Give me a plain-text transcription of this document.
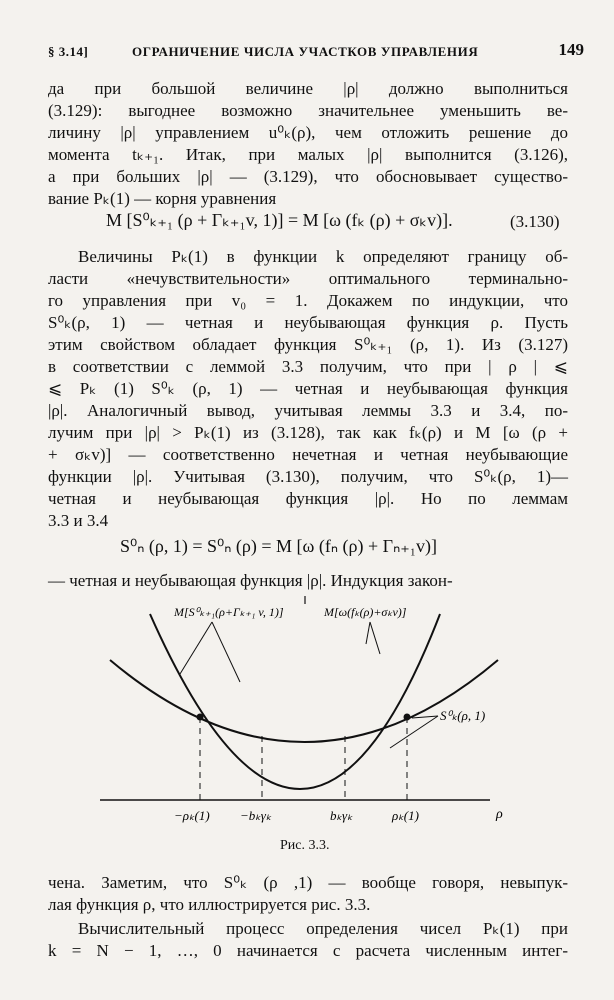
§ 3.14]	ОГРАНИЧЕНИЕ ЧИСЛА УЧАСТКОВ УПРАВЛЕНИЯ	149
да при большой величине |ρ| должно выполниться
(3.129): выгоднее возможно значительнее уменьшить ве-
личину |ρ| управлением u⁰ₖ(ρ), чем отложить решение до
момента tₖ₊₁. Итак, при малых |ρ| выполнится (3.126),
а при больших |ρ| — (3.129), что обосновывает существо-
вание Pₖ(1) — корня уравнения
M [S⁰ₖ₊₁ (ρ + Γₖ₊₁v, 1)] = M [ω (fₖ (ρ) + σₖv)].	(3.130)
Величины Pₖ(1) в функции k определяют границу об-
ласти «нечувствительности» оптимального терминально-
го управления при v₀ = 1. Докажем по индукции, что
S⁰ₖ(ρ, 1) — четная и неубывающая функция ρ. Пусть
этим свойством обладает функция S⁰ₖ₊₁ (ρ, 1). Из (3.127)
в соответствии с леммой 3.3 получим, что при | ρ | ⩽
⩽ Pₖ (1) S⁰ₖ (ρ, 1) — четная и неубывающая функция
|ρ|. Аналогичный вывод, учитывая леммы 3.3 и 3.4, по-
лучим при |ρ| > Pₖ(1) из (3.128), так как fₖ(ρ) и M [ω (ρ +
+ σₖv)] — соответственно нечетная и четная неубывающие
функции |ρ|. Учитывая (3.130), получим, что S⁰ₖ(ρ, 1)—
четная и неубывающая функция |ρ|. Но по леммам
3.3 и 3.4
S⁰ₙ (ρ, 1) = S⁰ₙ (ρ) = M [ω (fₙ (ρ) + Γₙ₊₁v)]
— четная и неубывающая функция |ρ|. Индукция закон-
M[S⁰ₖ₊₁(ρ+Γₖ₊₁ v, 1)]	M[ω(fₖ(ρ)+σₖv)]
S⁰ₖ(ρ, 1)
−ρₖ(1) −bₖγₖ	bₖγₖ	ρₖ(1)	ρ
Рис. 3.3.
чена. Заметим, что S⁰ₖ (ρ ,1) — вообще говоря, невыпук-
лая функция ρ, что иллюстрируется рис. 3.3.
Вычислительный процесс определения чисел Pₖ(1) при
k = N − 1, …, 0 начинается с расчета численным интег-
